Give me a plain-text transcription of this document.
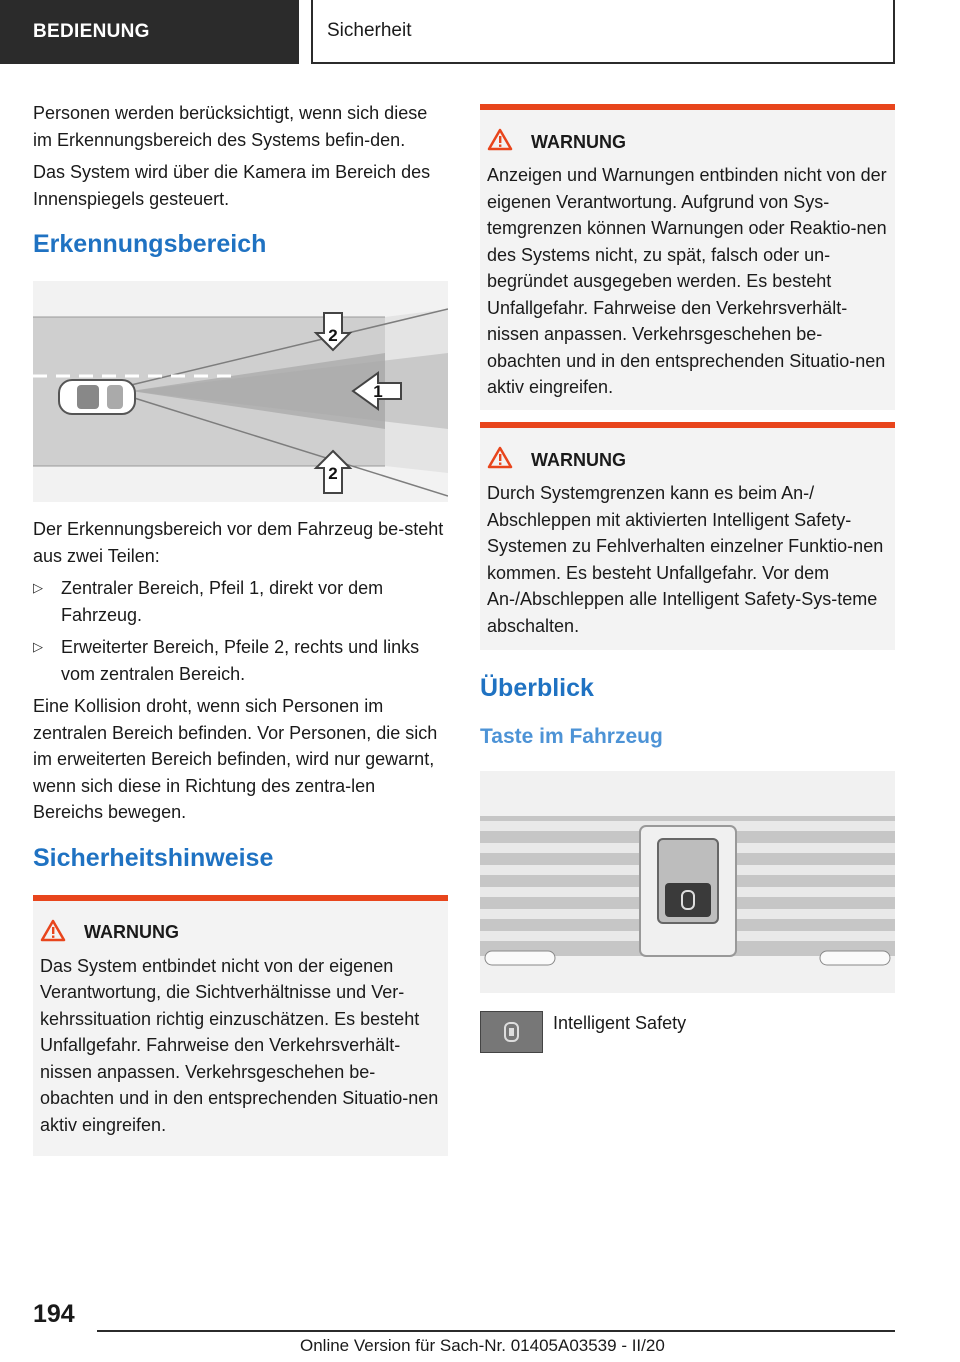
BEDIENUNG	Sicherheit

Personen werden berücksichtigt, wenn sich diese im Erkennungsbereich des Systems befin-den.

Das System wird über die Kamera im Bereich des Innenspiegels gesteuert.

Erkennungsbereich
1
2
2

Der Erkennungsbereich vor dem Fahrzeug be-steht aus zwei Teilen:

▷ Zentraler Bereich, Pfeil 1, direkt vor dem Fahrzeug.
▷ Erweiterter Bereich, Pfeile 2, rechts und links vom zentralen Bereich.

Eine Kollision droht, wenn sich Personen im zentralen Bereich befinden. Vor Personen, die sich im erweiterten Bereich befinden, wird nur gewarnt, wenn sich diese in Richtung des zentra-len Bereichs bewegen.

Sicherheitshinweise
WARNUNG

Das System entbindet nicht von der eigenen Verantwortung, die Sichtverhältnisse und Ver-kehrssituation richtig einzuschätzen. Es besteht Unfallgefahr. Fahrweise den Verkehrsverhält-nissen anpassen. Verkehrsgeschehen be-obachten und in den entsprechenden Situatio-nen aktiv eingreifen.

WARNUNG

Anzeigen und Warnungen entbinden nicht von der eigenen Verantwortung. Aufgrund von Sys-temgrenzen können Warnungen oder Reaktio-nen des Systems nicht, zu spät, falsch oder un-begründet ausgegeben werden. Es besteht Unfallgefahr. Fahrweise den Verkehrsverhält-nissen anpassen. Verkehrsgeschehen be-obachten und in den entsprechenden Situatio-nen aktiv eingreifen.

WARNUNG

Durch Systemgrenzen kann es beim An-/ Abschleppen mit aktivierten Intelligent Safety-Systemen zu Fehlverhalten einzelner Funktio-nen kommen. Es besteht Unfallgefahr. Vor dem An-/Abschleppen alle Intelligent Safety-Sys-teme abschalten.

Überblick
Taste im Fahrzeug
Intelligent Safety
194
Online Version für Sach-Nr. 01405A03539 - II/20
